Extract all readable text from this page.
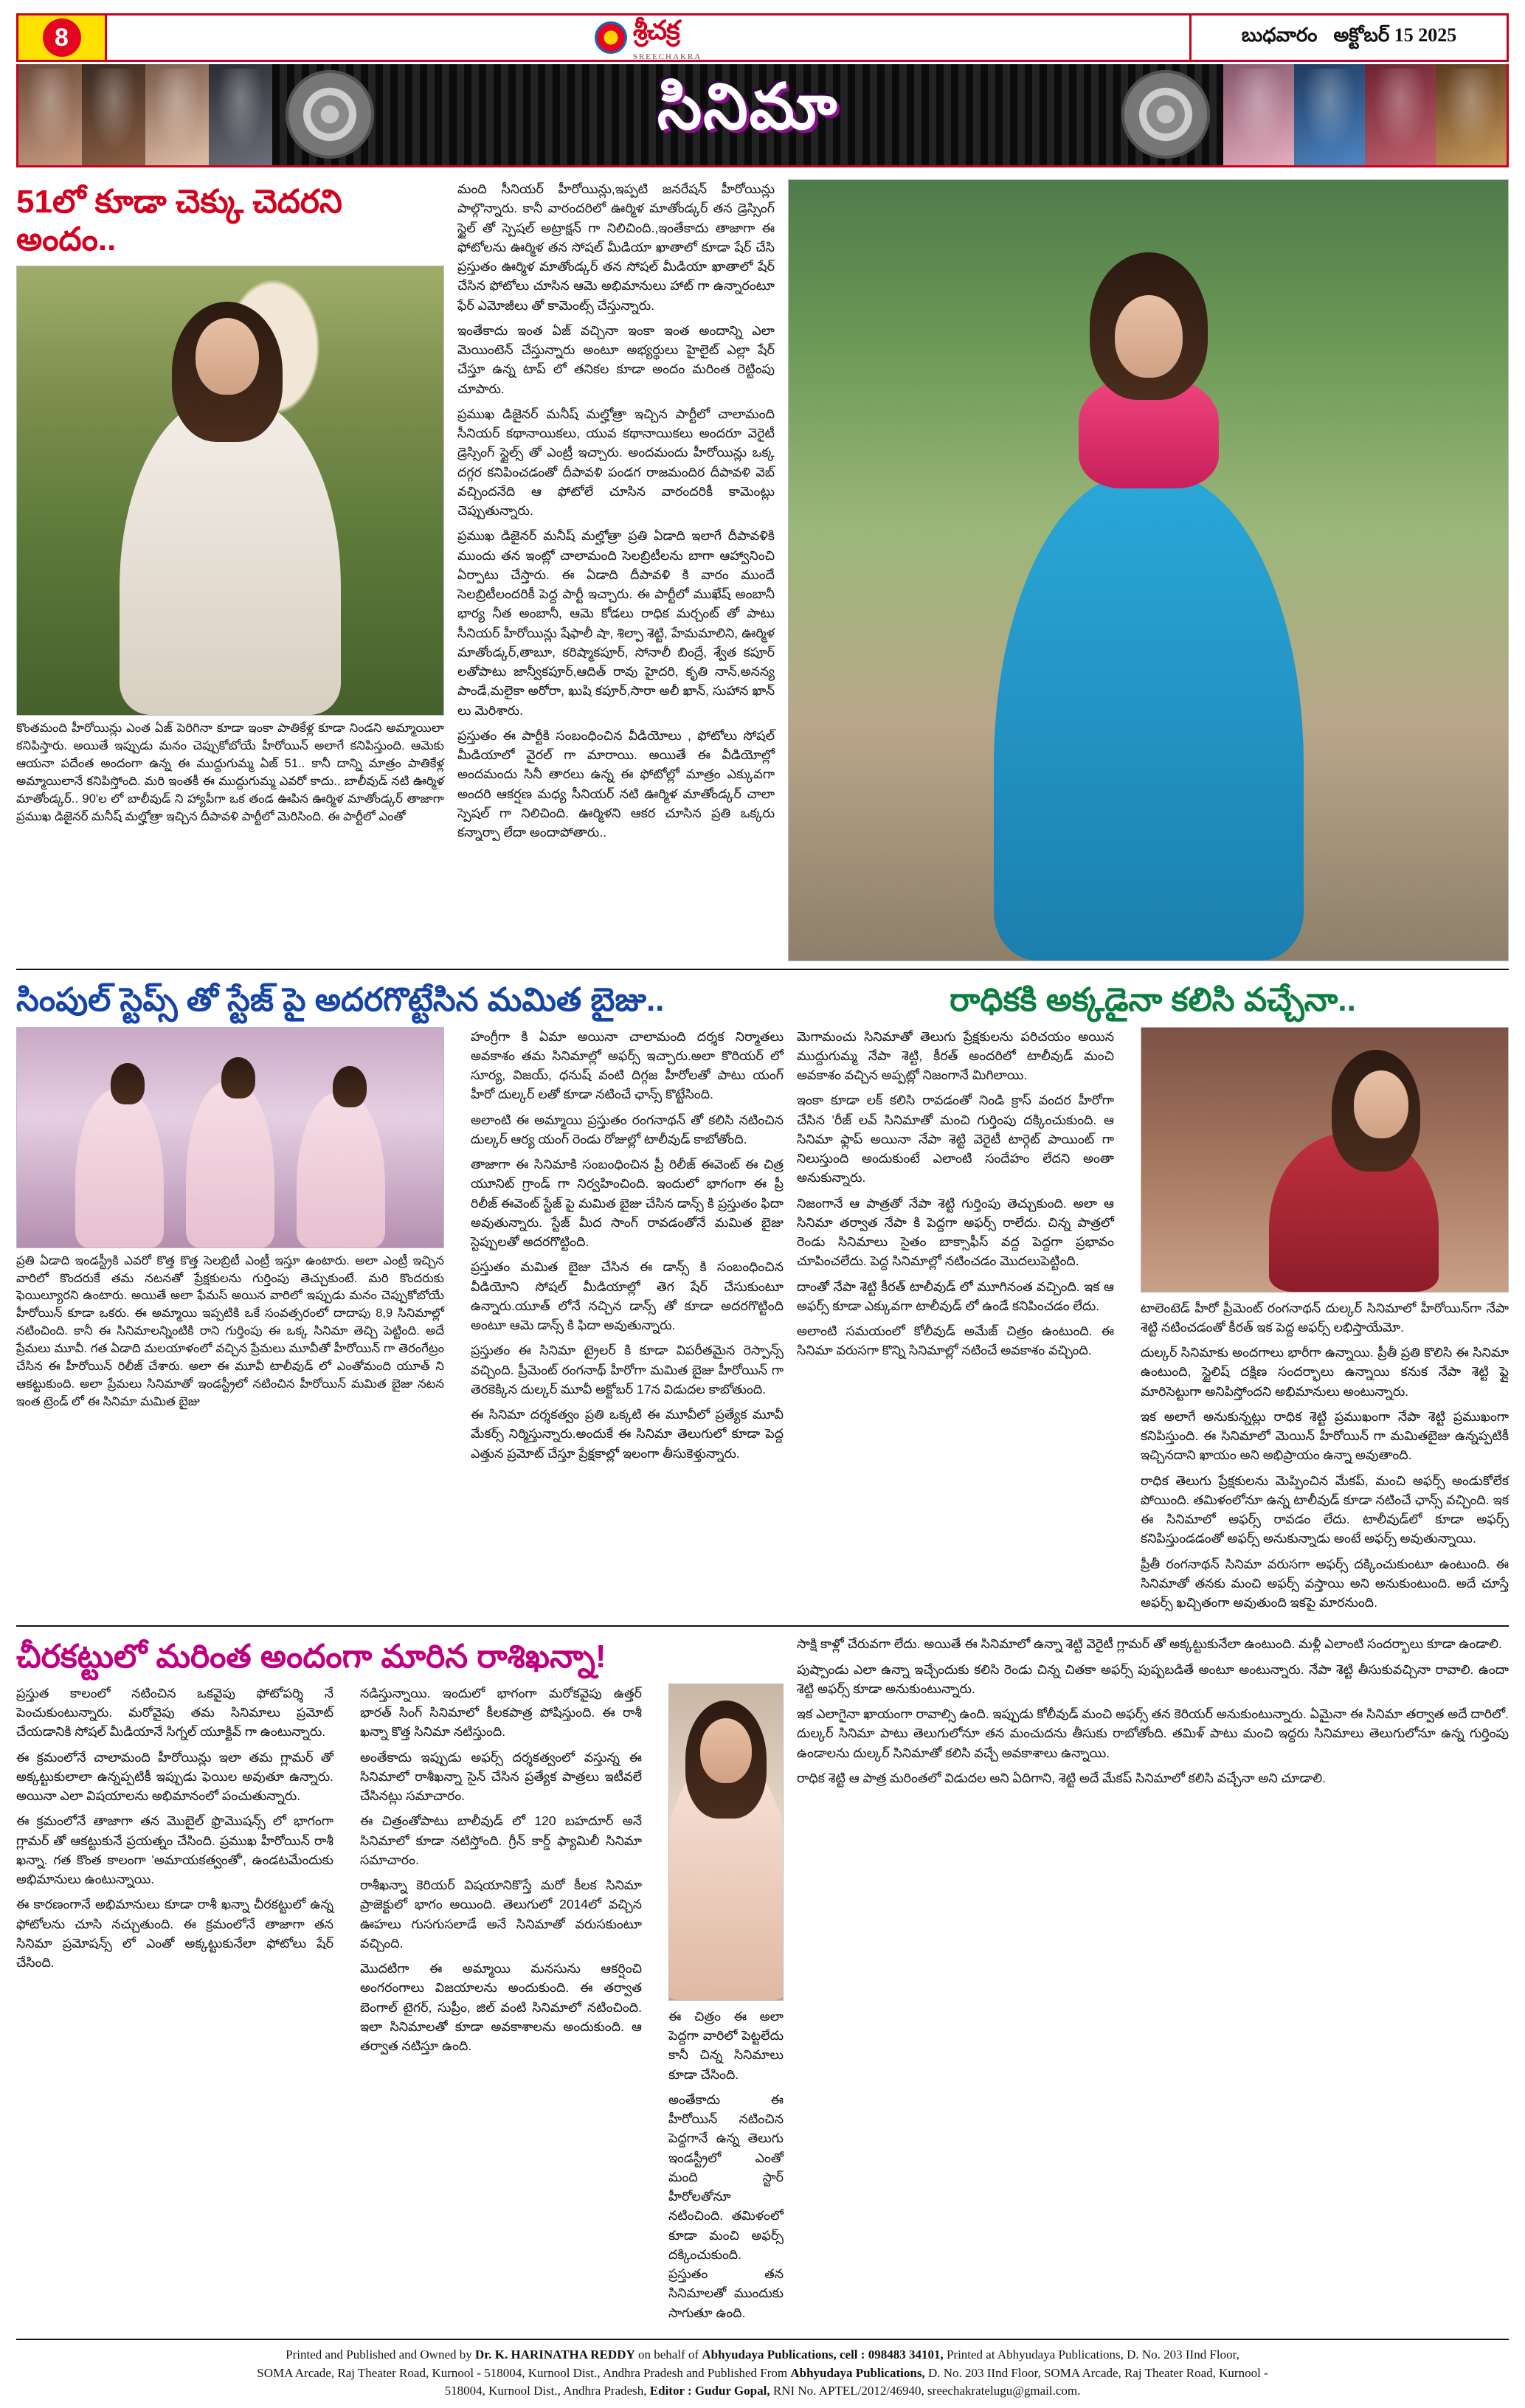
8	శ్రీచక్ర
SREECHAKRA
బుధవారం అక్టోబర్ 15 2025
సినిమా
51లో కూడా చెక్కు చెదరని అందం..
కొంతమంది హీరోయిన్లు ఎంత ఏజ్ పెరిగినా కూడా ఇంకా పాతికేళ్ల కూడా నిండని అమ్మాయిలా కనిపిస్తారు. అయితే ఇప్పుడు మనం చెప్పుకోబోయే హీరోయిన్ అలాగే కనిపిస్తుంది. ఆమెకు ఆయనా పదేంత అందంగా ఉన్న ఈ ముద్దుగుమ్మ ఏజ్ 51.. కానీ దాన్ని మాత్రం పాతికేళ్ల అమ్మాయిలానే కనిపిస్తోంది. మరి ఇంతకీ ఈ ముద్దుగుమ్మ ఎవరో కాదు.. బాలీవుడ్ నటి ఊర్మిళ మాతోండ్కర్.. 90'ల లో బాలీవుడ్ ని హ్యాపీగా ఒక తండ ఊపిన ఊర్మిళ మాతోండ్కర్ తాజాగా ప్రముఖ డిజైనర్ మనీష్ మల్హోత్రా ఇచ్చిన దీపావళి పార్టీలో మెరిసింది. ఈ పార్టీలో ఎంతో

మంది సీనియర్ హీరోయిన్లు,ఇప్పటి జనరేషన్ హీరోయిన్లు పాల్గొన్నారు. కానీ వారందరిలో ఊర్మిళ మాతోండ్కర్ తన డ్రెస్సింగ్ స్టైల్ తో స్పెషల్ అట్రాక్షన్ గా నిలిచింది.,ఇంతేకాదు తాజాగా ఈ ఫోటోలను ఊర్మిళ తన సోషల్ మీడియా ఖాతాలో కూడా షేర్ చేసి ప్రస్తుతం ఊర్మిళ మాతోండ్కర్ తన సోషల్ మీడియా ఖాతాలో షేర్ చేసిన ఫోటోలు చూసిన ఆమె అభిమానులు హాట్ గా ఉన్నారంటూ ఫేర్ ఎమోజీలు తో కామెంట్స్ చేస్తున్నారు.

ఇంతేకాదు ఇంత ఏజ్ వచ్చినా ఇంకా ఇంత అందాన్ని ఎలా మెయింటెన్ చేస్తున్నారు అంటూ అభ్యర్థులు హైలైట్ ఎల్లా షేర్ చేస్తూ ఉన్న టాప్ లో తనికల కూడా అందం మరింత రెట్టింపు చూపారు.

ప్రముఖ డిజైనర్ మనీష్ మల్హోత్రా ఇచ్చిన పార్టీలో చాలామంది సీనియర్ కథానాయికలు, యువ కథానాయికలు అందరూ వెరైటీ డ్రెస్సింగ్ స్టైల్స్ తో ఎంట్రీ ఇచ్చారు. అందమందు హీరోయిన్లు ఒక్క దగ్గర కనిపించడంతో దీపావళి పండగ రాజమందిర దీపావళి వెబ్ వచ్చిందనేది ఆ ఫోటోలే చూసిన వారందరికీ కామెంట్లు చెప్పుతున్నారు.

ప్రముఖ డిజైనర్ మనీష్ మల్హోత్రా ప్రతి ఏడాది ఇలాగే దీపావళికి ముందు తన ఇంట్లో చాలామంది సెలబ్రిటీలను బాగా ఆహ్వానించి ఏర్పాటు చేస్తారు. ఈ ఏడాది దీపావళి కి వారం ముందే సెలబ్రిటీలందరికీ పెద్ద పార్టీ ఇచ్చారు. ఈ పార్టీలో ముఖేష్ అంబానీ భార్య నీత అంబానీ, ఆమె కోడలు రాధిక మర్చంట్ తో పాటు సీనియర్ హీరోయిన్లు షేఫాలీ షా, శిల్పా శెట్టి, హేమమాలిని, ఊర్మిళ మాతోండ్కర్,తాబూ, కరిష్మాకపూర్, సోనాలీ బింద్రే, శ్వేత కపూర్ లతోపాటు జాన్వీకపూర్,ఆదిత్ రావు హైదరి, కృతి నాన్,అనన్య పాండే,మలైకా అరోరా, ఖుషి కపూర్,సారా అలీ ఖాన్, సుహాన ఖాన్ లు మెరిశారు.

ప్రస్తుతం ఈ పార్టీకి సంబంధించిన వీడియోలు , ఫోటోలు సోషల్ మీడియాలో వైరల్ గా మారాయి. అయితే ఈ వీడియోల్లో అందమందు సినీ తారలు ఉన్న ఈ ఫోటోల్లో మాత్రం ఎక్కువగా అందరి ఆకర్షణ మధ్య సీనియర్ నటి ఊర్మిళ మాతోండ్కర్ చాలా స్పెషల్ గా నిలిచింది. ఊర్మిళని ఆకర చూసిన ప్రతి ఒక్కరు కన్నార్పా లేదా అందాపోతారు..

సింపుల్ స్టెప్స్ తో స్టేజ్ పై అదరగొట్టేసిన మమిత బైజు..
ప్రతి ఏడాది ఇండస్ట్రీకి ఎవరో కొత్త కొత్త సెలబ్రిటీ ఎంట్రీ ఇస్తూ ఉంటారు. అలా ఎంట్రీ ఇచ్చిన వారిలో కొందరుకే తమ నటనతో ప్రేక్షకులను గుర్తింపు తెచ్చుకుంటే. మరి కొందరుకు ఫెయిల్యూరని ఉంటారు. అయితే అలా ఫేమస్ అయిన వారిలో ఇప్పుడు మనం చెప్పుకోబోయే హీరోయిన్ కూడా ఒకరు. ఈ అమ్మాయి ఇప్పటికి ఒకే సంవత్సరంలో దాదాపు 8,9 సినిమాల్లో నటించింది. కానీ ఈ సినిమాలన్నింటికి రాని గుర్తింపు ఈ ఒక్క సినిమా తెచ్చి పెట్టింది. అదే ప్రేమలు మూవీ. గత ఏడాది మలయాళంలో వచ్చిన ప్రేమలు మూవీతో హీరోయిన్ గా తెరంగేట్రం చేసిన ఈ హీరోయిన్ రిలీజ్ చేశారు. అలా ఈ మూవీ టాలీవుడ్ లో ఎంతోమంది యూత్ ని ఆకట్టుకుంది. అలా ప్రేమలు సినిమాతో ఇండస్ట్రీలో నటించిన హీరోయిన్ మమిత బైజు నటన ఇంత ట్రెండ్ లో ఈ సినిమా మమిత బైజు

హంగ్రీగా కి ఏమా అయినా చాలామంది దర్శక నిర్మాతలు అవకాశం తమ సినిమాల్లో అఫర్స్ ఇచ్చారు.అలా కొరియర్ లో సూర్య, విజయ్, ధనుష్ వంటి దిగ్గజ హీరోలతో పాటు యంగ్ హీరో దుల్కర్ లతో కూడా నటించే ఛాన్స్ కొట్టేసింది.

అలాంటి ఈ అమ్మాయి ప్రస్తుతం రంగనాథన్ తో కలిసి నటించిన దుల్కర్ ఆర్య యంగ్ రెండు రోజుల్లో టాలీవుడ్ కాబోతోంది.

తాజాగా ఈ సినిమాకి సంబంధించిన ప్రీ రిలీజ్ ఈవెంట్ ఈ చిత్ర యూనిట్ గ్రాండ్ గా నిర్వహించింది. ఇందులో భాగంగా ఈ ప్రీ రిలీజ్ ఈవెంట్ స్టేజ్ పై మమిత బైజు చేసిన డాన్స్ కి ప్రస్తుతం ఫిదా అవుతున్నారు. స్టేజ్ మీద సాంగ్ రావడంతోనే మమిత బైజు స్టెప్పులతో అదరగొట్టింది.

ప్రస్తుతం మమిత బైజు చేసిన ఈ డాన్స్ కి సంబంధించిన వీడియోని సోషల్ మీడియాల్లో తెగ షేర్ చేసుకుంటూ ఉన్నారు.యూత్ లోనే నచ్చిన డాన్స్ తో కూడా అదరగొట్టింది అంటూ ఆమె డాన్స్ కి ఫిదా అవుతున్నారు.

ప్రస్తుతం ఈ సినిమా ట్రైలర్ కి కూడా విపరీతమైన రెస్పాన్స్ వచ్చింది. ప్రీమెంట్ రంగనాథ్ హీరోగా మమిత బైజు హీరోయిన్ గా తెరకెక్కిన దుల్కర్ మూవీ అక్టోబర్ 17న విడుదల కాబోతుంది.

ఈ సినిమా దర్శకత్వం ప్రతి ఒక్కటి ఈ మూవీలో ప్రత్యేక మూవీ మేకర్స్ నిర్మిస్తున్నారు.అందుకే ఈ సినిమా తెలుగులో కూడా పెద్ద ఎత్తున ప్రమోట్ చేస్తూ ప్రేక్షకాల్లో ఇలంగా తీసుకెళ్తున్నారు.

రాధికకి అక్కడైనా కలిసి వచ్చేనా..

మెగామంచు సినిమాతో తెలుగు ప్రేక్షకులను పరిచయం అయిన ముద్దుగుమ్మ నేపా శెట్టి, కీరత్ అందరిలో టాలీవుడ్ మంచి అవకాశం వచ్చిన అప్పట్లో నిజంగానే మిగిలాయి.

ఇంకా కూడా లక్ కలిసి రావడంతో నిండి క్రాస్ వందర హీరోగా చేసిన 'రీజ్ లవ్ సినిమాతో మంచి గుర్తింపు దక్కించుకుంది. ఆ సినిమా ఫ్లాప్ అయినా నేపా శెట్టి వెరైటీ టార్గెట్ పాయింట్ గా నిలుస్తుంది అందుకుంటే ఎలాంటి సందేహం లేదని అంతా అనుకున్నారు.

నిజంగానే ఆ పాత్రతో నేపా శెట్టి గుర్తింపు తెచ్చుకుంది. అలా ఆ సినిమా తర్వాత నేపా కి పెద్దగా అఫర్స్ రాలేదు. చిన్న పాత్రలో రెండు సినిమాలు సైతం బాక్సాఫీస్ వద్ద పెద్దగా ప్రభావం చూపించలేదు. పెద్ద సినిమాల్లో నటించడం మొదలుపెట్టింది.

దాంతో నేపా శెట్టి కీరత్ టాలీవుడ్ లో మూగినంత వచ్చింది. ఇక ఆ అఫర్స్ కూడా ఎక్కువగా టాలీవుడ్ లో ఉండే కనిపించడం లేదు.

అలాంటి సమయంలో కోలీవుడ్ అమేజ్ చిత్రం ఉంటుంది. ఈ సినిమా వరుసగా కొన్ని సినిమాల్లో నటించే అవకాశం వచ్చింది.

టాలెంటెడ్ హీరో ప్రీమెంట్ రంగనాథన్ దుల్కర్ సినిమాలో హీరోయిన్‌గా నేపా శెట్టి నటించడంతో కీరత్ ఇక పెద్ద అఫర్స్ లభిస్తాయేమో.

దుల్కర్ సినిమాకు అందగాలు భారీగా ఉన్నాయి. ప్రీతీ ప్రతి కొలిసి ఈ సినిమా ఉంటుంది, స్టైలిష్ దక్షిణ సందర్భాలు ఉన్నాయి కనుక నేపా శెట్టి ఫ్లై మారిసెట్టుగా అనిపిస్తోందని అభిమానులు అంటున్నారు.

ఇక అలాగే అనుకున్నట్లు రాధిక శెట్టి ప్రముఖంగా నేపా శెట్టి ప్రముఖంగా కనిపిస్తుంది. ఈ సినిమాలో మెయిన్ హీరోయిన్ గా మమితబైజు ఉన్నప్పటికీ ఇచ్చినదాని ఖాయం అని అభిప్రాయం ఉన్నా అవుతాంది.

రాధిక తెలుగు ప్రేక్షకులను మెప్పించిన మేకప్, మంచి అఫర్స్ అండుకోలేక పోయింది. తమిళంలోనూ ఉన్న టాలీవుడ్ కూడా నటించే ఛాన్స్ వచ్చింది. ఇక ఈ సినిమాలో అఫర్స్ రావడం లేదు. టాలీవుడ్‌లో కూడా అఫర్స్ కనిపిస్తుండడంతో అఫర్స్ అనుకున్నాడు అంటే అఫర్స్ అవుతున్నాయి.

ప్రీతీ రంగనాథన్ సినిమా వరుసగా అఫర్స్ దక్కించుకుంటూ ఉంటుంది. ఈ సినిమాతో తనకు మంచి అఫర్స్ వస్తాయి అని అనుకుంటుంది. అదే చూస్తే అఫర్స్ ఖచ్చితంగా అవుతుంది ఇకపై మారనుంది.

చీరకట్టులో మరింత అందంగా మారిన రాశిఖన్నా!

ప్రస్తుత కాలంలో నటించిన ఒకవైపు ఫోటోపర్శి నే పెంచుకుంటున్నారు. మరోవైపు తమ సినిమాలు ప్రమోట్ చేయడానికి సోషల్ మీడియానే సిగ్నల్ యూక్టివ్ గా ఉంటున్నారు.

ఈ క్రమంలోనే చాలామంది హీరోయిన్లు ఇలా తమ గ్లామర్ తో అక్కట్టుకులాలా ఉన్నప్పటికీ ఇప్పుడు ఫెయిల అవుతూ ఉన్నారు. అయినా ఎలా విషయాలను అభిమానంలో పంచుతున్నారు.

ఈ క్రమంలోనే తాజాగా తన మొబైల్ ఫ్రొమొషన్స్ లో భాగంగా గ్లామర్ తో ఆకట్టుకునే ప్రయత్నం చేసింది. ప్రముఖ హీరోయిన్ రాశీ ఖన్నా. గత కొంత కాలంగా 'అమాయకత్వంతో', ఉండటమేందుకు అభిమానులు ఉంటున్నాయి.

ఈ కారణంగానే అభిమానులు కూడా రాశీ ఖన్నా చీరకట్టులో ఉన్న ఫోటోలను చూసి నచ్చుతుంది. ఈ క్రమంలోనే తాజాగా తన సినిమా ప్రమోషన్స్ లో ఎంతో అక్కట్టుకునేలా ఫోటోలు షేర్ చేసింది.

నడిస్తున్నాయి. ఇందులో భాగంగా మరోకవైపు ఉత్తర్ భారత్ సింగ్ సినిమాలో కీలకపాత్ర పోషిస్తుంది. ఈ రాశీ ఖన్నా కొత్త సినిమా నటిస్తుంది.

అంతేకాదు ఇప్పుడు అఫర్స్ దర్శకత్వంలో వస్తున్న ఈ సినిమాలో రాశీఖన్నా సైన్ చేసిన ప్రత్యేక పాత్రలు ఇటీవలే చేసినట్లు సమాచారం.

ఈ చిత్రంతోపాటు బాలీవుడ్ లో 120 బహదూర్ అనే సినిమాలో కూడా నటిస్తోంది. గ్రీన్ కార్డ్ ఫ్యామిలీ సినిమా సమాచారం.

రాశీఖన్నా కెరియర్ విషయానికొస్తే మరో కీలక సినిమా ప్రాజెక్టులో భాగం అయింది. తెలుగులో 2014లో వచ్చిన ఊహలు గుసగుసలాడే అనే సినిమాతో వరుసకుంటూ వచ్చింది.

మొదటిగా ఈ అమ్మాయి మనసును ఆకర్షించి అంగరంగాలు విజయాలను అందుకుంది. ఈ తర్వాత బెంగాల్ టైగర్, సుప్రీం, జిల్ వంటి సినిమాలో నటించింది. ఇలా సినిమాలతో కూడా అవకాశాలను అందుకుంది. ఆ తర్వాత నటిస్తూ ఉంది.

ఈ చిత్రం ఈ అలా పెద్దగా వారిలో పెట్టలేదు కానీ చిన్న సినిమాలు కూడా చేసింది.

అంతేకాదు ఈ హీరోయిన్ నటించిన పెద్దగానే ఉన్న తెలుగు ఇండస్ట్రీలో ఎంతో మంది స్టార్ హీరోలతోనూ నటించింది. తమిళంలో కూడా మంచి అఫర్స్ దక్కించుకుంది. ప్రస్తుతం తన సినిమాలతో ముందుకు సాగుతూ ఉంది.

సాక్షి కాళ్లో చేరువగా లేదు. అయితే ఈ సినిమాలో ఉన్నా శెట్టి వెరైటీ గ్లామర్ తో అక్కట్టుకునేలా ఉంటుంది. మళ్లీ ఎలాంటి సందర్భాలు కూడా ఉండాలి.

పుష్పాండు ఎలా ఉన్నా ఇచ్చేందుకు కలిసి రెండు చిన్న చితకా అఫర్స్ పుష్పబడితే అంటూ అంటున్నారు. నేపా శెట్టి తీసుకువచ్చినా రావాలి. ఉందా శెట్టి అఫర్స్ కూడా అనుకుంటున్నారు.

ఇక ఎలాగైనా ఖాయంగా రావాల్సి ఉంది. ఇప్పుడు కోలీవుడ్ మంచి అఫర్స్ తన కెరియర్ అనుకుంటున్నారు. ఏమైనా ఈ సినిమా తర్వాత అదే దారిలో. దుల్కర్ సినిమా పాటు తెలుగులోనూ తన మంచుదను తీసుకు రాబోతోంది. తమిళ్ పాటు మంచి ఇద్దరు సినిమాలు తెలుగులోనూ ఉన్న గుర్తింపు ఉండాలను దుల్కర్ సినిమాతో కలిసి వచ్చే అవకాశాలు ఉన్నాయి.

రాధిక శెట్టి ఆ పాత్ర మరింతలో విడుదల అని ఏదిగాని, శెట్టి అదే మేకప్ సినిమాలో కలిసి వచ్చేనా అని చూడాలి.

Printed and Published and Owned by Dr. K. HARINATHA REDDY on behalf of Abhyudaya Publications, cell : 098483 34101, Printed at Abhyudaya Publications, D. No. 203 IInd Floor,
SOMA Arcade, Raj Theater Road, Kurnool - 518004, Kurnool Dist., Andhra Pradesh and Published From Abhyudaya Publications, D. No. 203 IInd Floor, SOMA Arcade, Raj Theater Road, Kurnool -
518004, Kurnool Dist., Andhra Pradesh, Editor : Gudur Gopal, RNI No. APTEL/2012/46940, sreechakratelugu@gmail.com.
